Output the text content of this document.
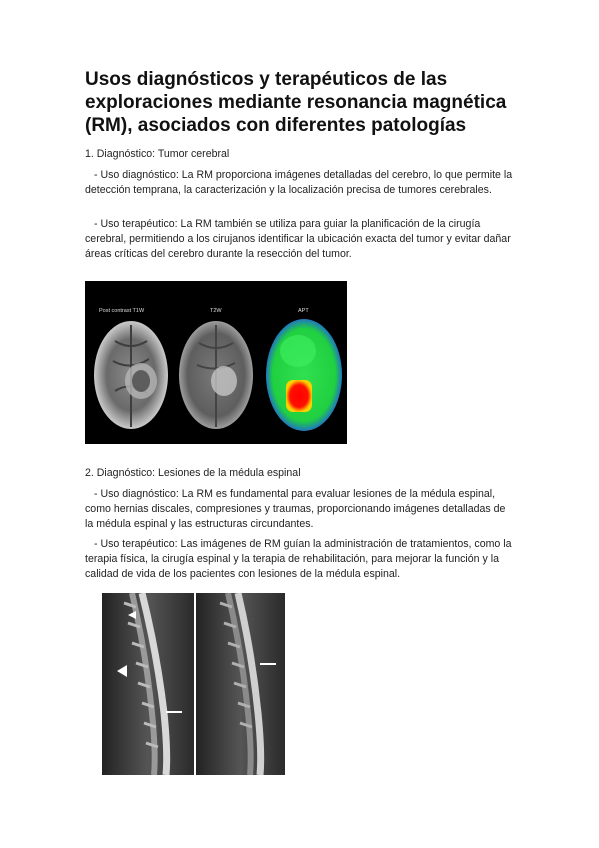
Usos diagnósticos y terapéuticos de las exploraciones mediante resonancia magnética (RM), asociados con diferentes patologías

1. Diagnóstico: Tumor cerebral

- Uso diagnóstico: La RM proporciona imágenes detalladas del cerebro, lo que permite la detección temprana, la caracterización y la localización precisa de tumores cerebrales.

- Uso terapéutico: La RM también se utiliza para guiar la planificación de la cirugía cerebral, permitiendo a los cirujanos identificar la ubicación exacta del tumor y evitar dañar áreas críticas del cerebro durante la resección del tumor.

Post contrast T1W	T2W	APT

2. Diagnóstico: Lesiones de la médula espinal

- Uso diagnóstico: La RM es fundamental para evaluar lesiones de la médula espinal, como hernias discales, compresiones y traumas, proporcionando imágenes detalladas de la médula espinal y las estructuras circundantes.

- Uso terapéutico: Las imágenes de RM guían la administración de tratamientos, como la terapia física, la cirugía espinal y la terapia de rehabilitación, para mejorar la función y la calidad de vida de los pacientes con lesiones de la médula espinal.
